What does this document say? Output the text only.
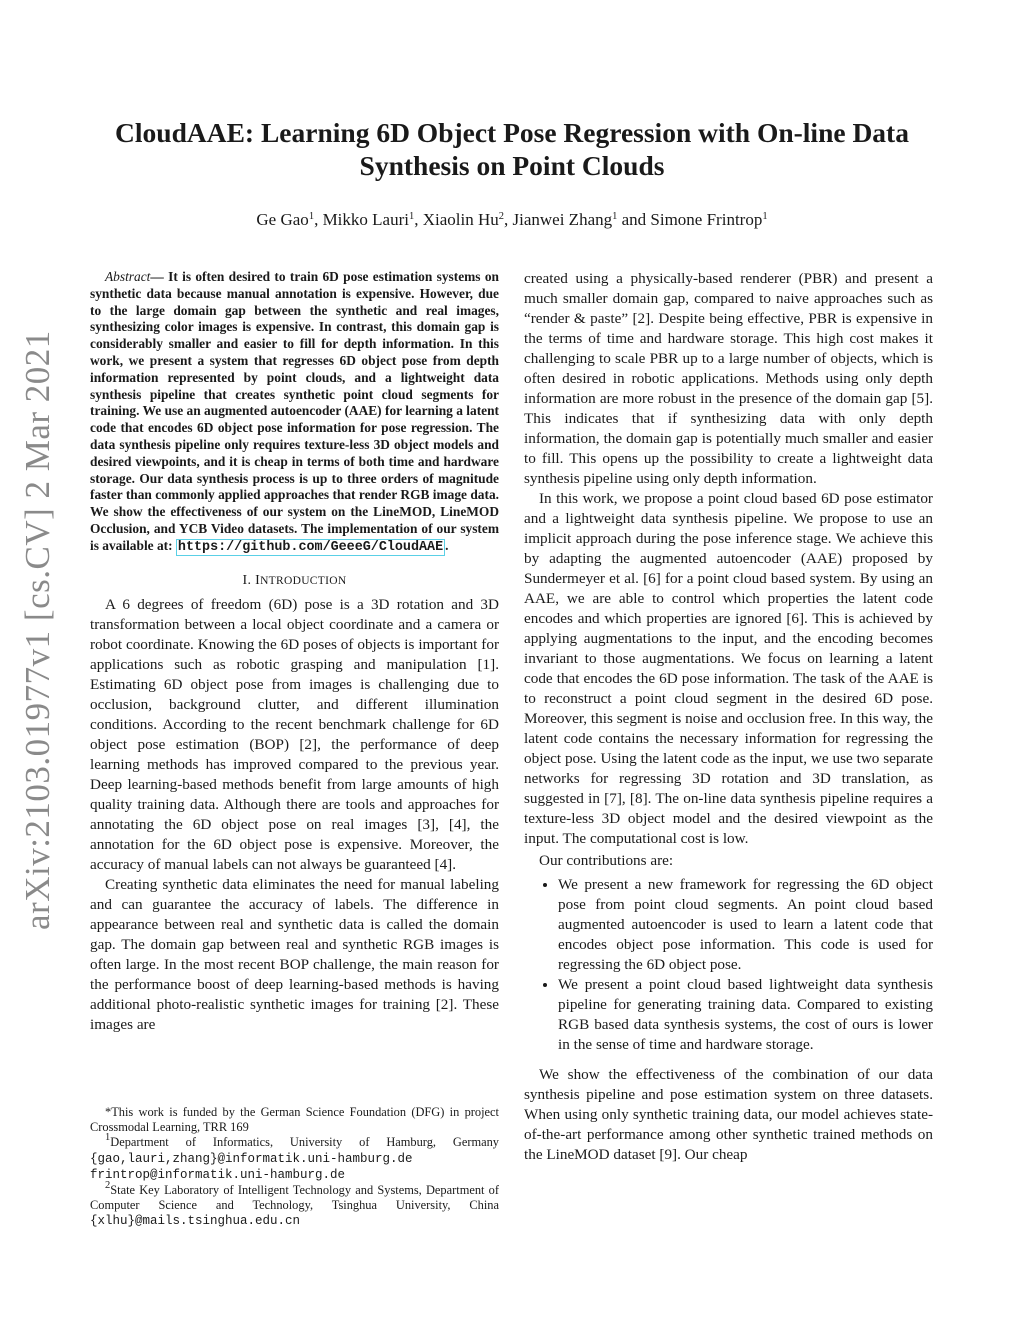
arXiv:2103.01977v1 [cs.CV] 2 Mar 2021
CloudAAE: Learning 6D Object Pose Regression with On-line Data
Synthesis on Point Clouds
Ge Gao$^1$, Mikko Lauri$^1$, Xiaolin Hu$^2$, Jianwei Zhang$^1$ and Simone Frintrop$^1$

Abstract— It is often desired to train 6D pose estimation systems on synthetic data because manual annotation is expensive. However, due to the large domain gap between the synthetic and real images, synthesizing color images is expensive. In contrast, this domain gap is considerably smaller and easier to fill for depth information. In this work, we present a system that regresses 6D object pose from depth information represented by point clouds, and a lightweight data synthesis pipeline that creates synthetic point cloud segments for training. We use an augmented autoencoder (AAE) for learning a latent code that encodes 6D object pose information for pose regression. The data synthesis pipeline only requires texture-less 3D object models and desired viewpoints, and it is cheap in terms of both time and hardware storage. Our data synthesis process is up to three orders of magnitude faster than commonly applied approaches that render RGB image data. We show the effectiveness of our system on the LineMOD, LineMOD Occlusion, and YCB Video datasets. The implementation of our system is available at: https://github.com/GeeeG/CloudAAE .

I. INTRODUCTION

A 6 degrees of freedom (6D) pose is a 3D rotation and 3D transformation between a local object coordinate and a camera or robot coordinate. Knowing the 6D poses of objects is important for applications such as robotic grasping and manipulation [1]. Estimating 6D object pose from images is challenging due to occlusion, background clutter, and different illumination conditions. According to the recent benchmark challenge for 6D object pose estimation (BOP) [2], the performance of deep learning methods has improved compared to the previous year. Deep learning-based methods benefit from large amounts of high quality training data. Although there are tools and approaches for annotating the 6D object pose on real images [3], [4], the annotation for the 6D object pose is expensive. Moreover, the accuracy of manual labels can not always be guaranteed [4].

Creating synthetic data eliminates the need for manual labeling and can guarantee the accuracy of labels. The difference in appearance between real and synthetic data is called the domain gap. The domain gap between real and synthetic RGB images is often large. In the most recent BOP challenge, the main reason for the performance boost of deep learning-based methods is having additional photo-realistic synthetic images for training [2]. These images are

*This work is funded by the German Science Foundation (DFG) in project Crossmodal Learning, TRR 169

$^1$Department of Informatics, University of Hamburg, Germany {gao,lauri,zhang}@informatik.uni-hamburg.de
frintrop@informatik.uni-hamburg.de

$^2$State Key Laboratory of Intelligent Technology and Systems, Department of Computer Science and Technology, Tsinghua University, China {xlhu}@mails.tsinghua.edu.cn

created using a physically-based renderer (PBR) and present a much smaller domain gap, compared to naive approaches such as “render & paste” [2]. Despite being effective, PBR is expensive in the terms of time and hardware storage. This high cost makes it challenging to scale PBR up to a large number of objects, which is often desired in robotic applications. Methods using only depth information are more robust in the presence of the domain gap [5]. This indicates that if synthesizing data with only depth information, the domain gap is potentially much smaller and easier to fill. This opens up the possibility to create a lightweight data synthesis pipeline using only depth information.

In this work, we propose a point cloud based 6D pose estimator and a lightweight data synthesis pipeline. We propose to use an implicit approach during the pose inference stage. We achieve this by adapting the augmented autoencoder (AAE) proposed by Sundermeyer et al. [6] for a point cloud based system. By using an AAE, we are able to control which properties the latent code encodes and which properties are ignored [6]. This is achieved by applying augmentations to the input, and the encoding becomes invariant to those augmentations. We focus on learning a latent code that encodes the 6D pose information. The task of the AAE is to reconstruct a point cloud segment in the desired 6D pose. Moreover, this segment is noise and occlusion free. In this way, the latent code contains the necessary information for regressing the object pose. Using the latent code as the input, we use two separate networks for regressing 3D rotation and 3D translation, as suggested in [7], [8]. The on-line data synthesis pipeline requires a texture-less 3D object model and the desired viewpoint as the input. The computational cost is low.

Our contributions are:

• We present a new framework for regressing the 6D object pose from point cloud segments. An point cloud based augmented autoencoder is used to learn a latent code that encodes object pose information. This code is used for regressing the 6D object pose.
• We present a point cloud based lightweight data synthesis pipeline for generating training data. Compared to existing RGB based data synthesis systems, the cost of ours is lower in the sense of time and hardware storage.

We show the effectiveness of the combination of our data synthesis pipeline and pose estimation system on three datasets. When using only synthetic training data, our model achieves state-of-the-art performance among other synthetic trained methods on the LineMOD dataset [9]. Our cheap
